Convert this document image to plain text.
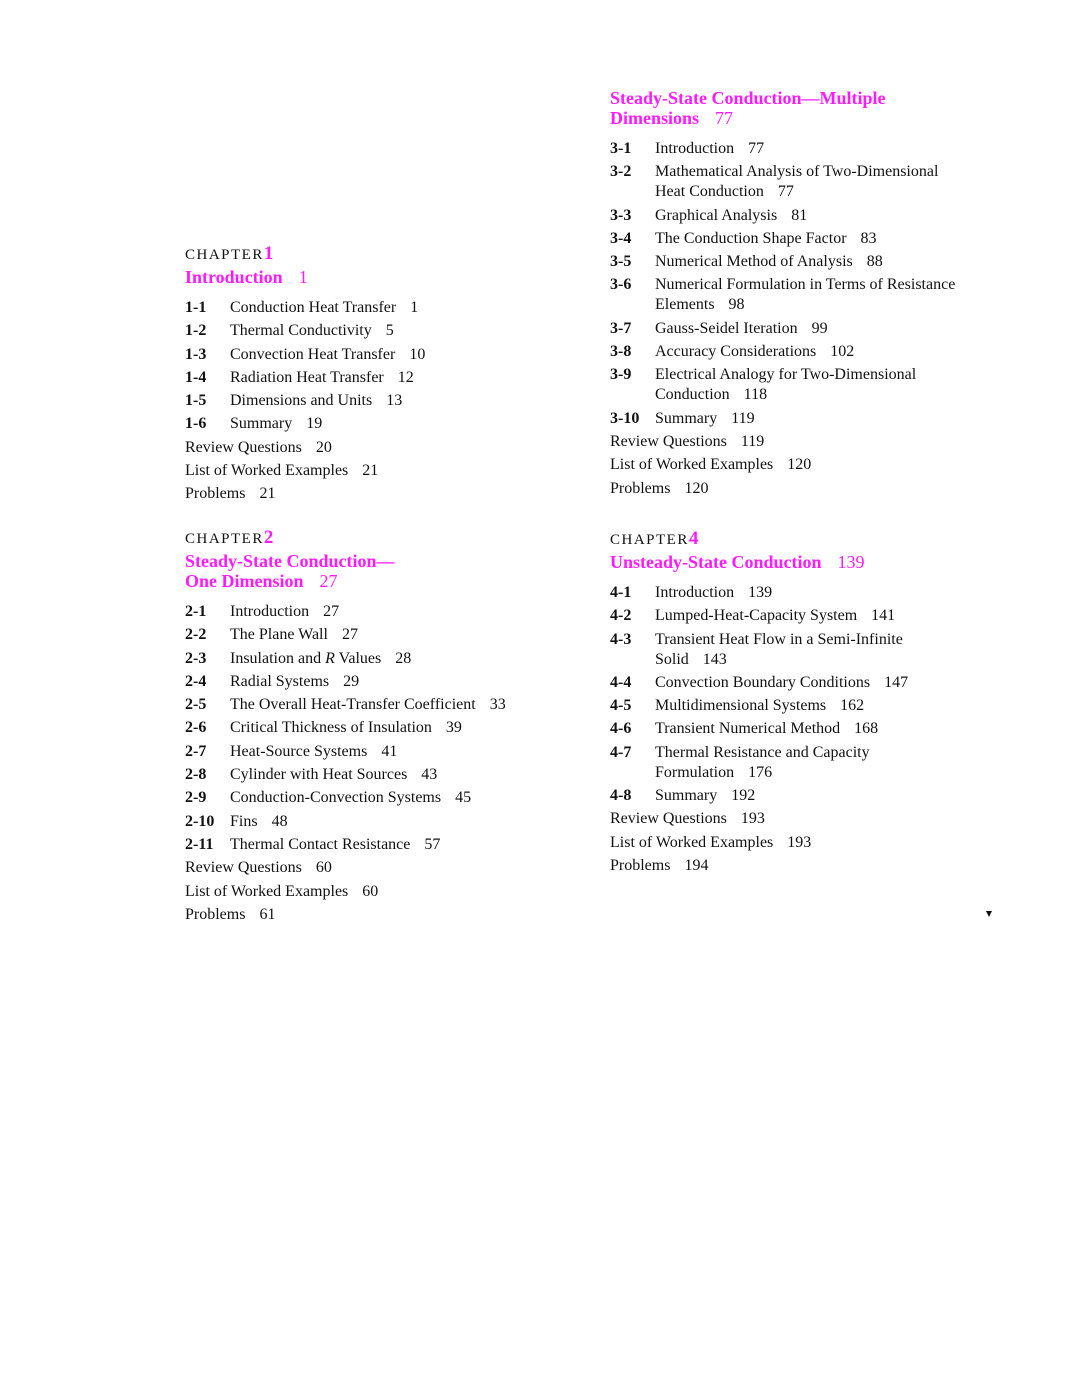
CHAPTER1
Introduction 1
1-1 Conduction Heat Transfer 1
1-2 Thermal Conductivity 5
1-3 Convection Heat Transfer 10
1-4 Radiation Heat Transfer 12
1-5 Dimensions and Units 13
1-6 Summary 19
Review Questions 20
List of Worked Examples 21
Problems 21
CHAPTER2
Steady-State Conduction—
One Dimension 27
2-1 Introduction 27
2-2 The Plane Wall 27
2-3 Insulation and R Values 28
2-4 Radial Systems 29
2-5 The Overall Heat-Transfer Coefficient 33
2-6 Critical Thickness of Insulation 39
2-7 Heat-Source Systems 41
2-8 Cylinder with Heat Sources 43
2-9 Conduction-Convection Systems 45
2-10 Fins 48
2-11 Thermal Contact Resistance 57
Review Questions 60
List of Worked Examples 60
Problems 61
Steady-State Conduction—Multiple
Dimensions 77
3-1 Introduction 77
3-2 Mathematical Analysis of Two-Dimensional Heat Conduction 77
3-3 Graphical Analysis 81
3-4 The Conduction Shape Factor 83
3-5 Numerical Method of Analysis 88
3-6 Numerical Formulation in Terms of Resistance Elements 98
3-7 Gauss-Seidel Iteration 99
3-8 Accuracy Considerations 102
3-9 Electrical Analogy for Two-Dimensional Conduction 118
3-10 Summary 119
Review Questions 119
List of Worked Examples 120
Problems 120
CHAPTER4
Unsteady-State Conduction 139
4-1 Introduction 139
4-2 Lumped-Heat-Capacity System 141
4-3 Transient Heat Flow in a Semi-Infinite Solid 143
4-4 Convection Boundary Conditions 147
4-5 Multidimensional Systems 162
4-6 Transient Numerical Method 168
4-7 Thermal Resistance and Capacity Formulation 176
4-8 Summary 192
Review Questions 193
List of Worked Examples 193
Problems 194
